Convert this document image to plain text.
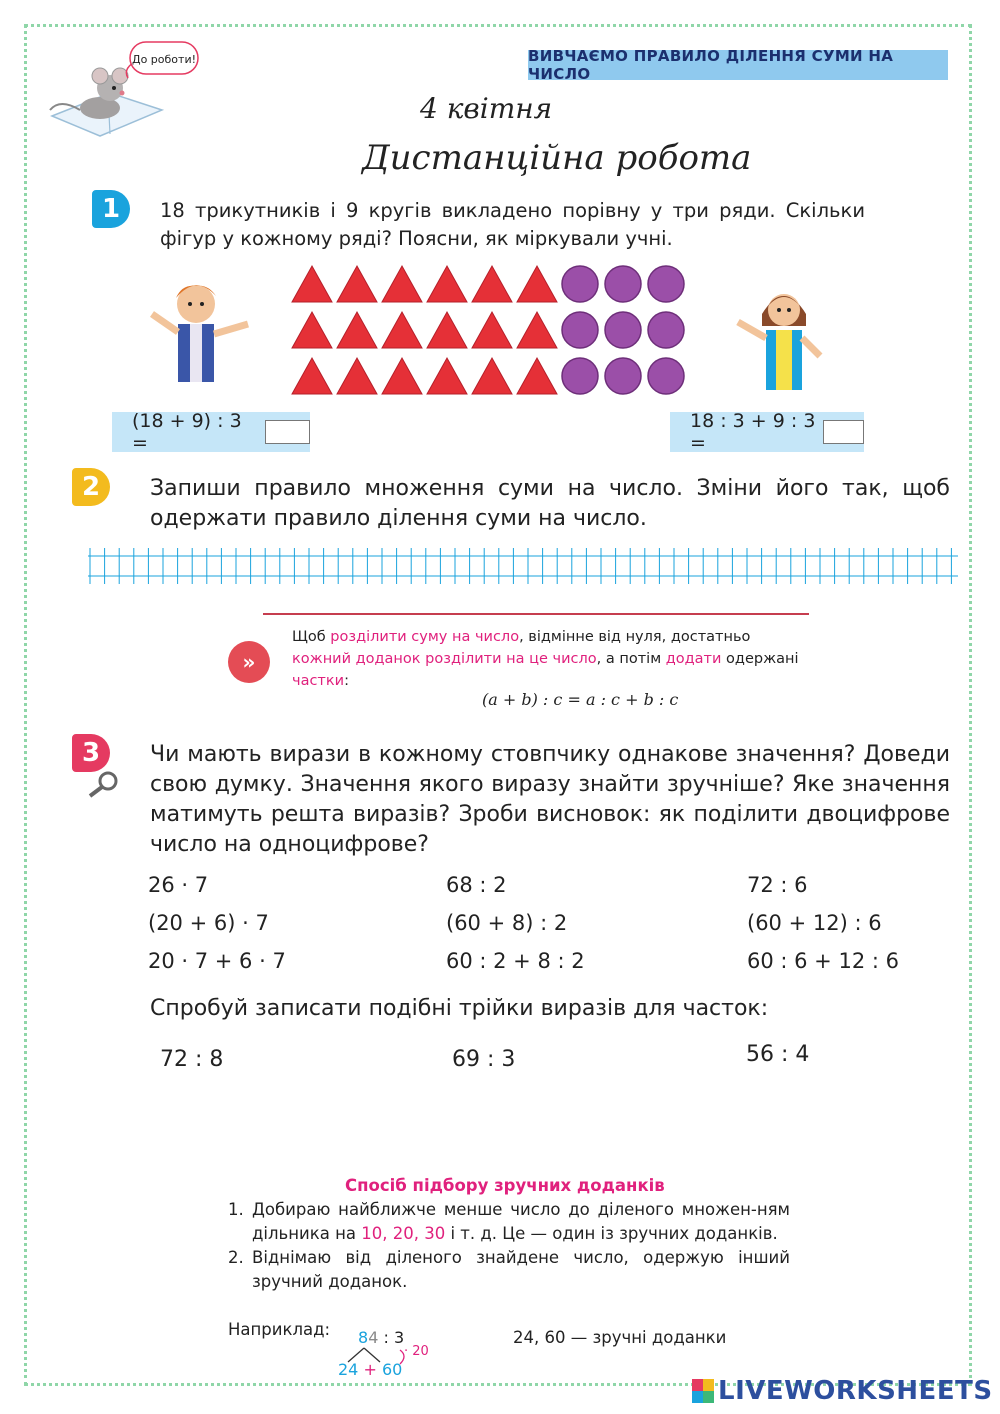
До роботи!	ВИВЧАЄМО ПРАВИЛО ДІЛЕННЯ СУМИ НА ЧИСЛО
4 квітня
Дистанційна робота
1	18 трикутників і 9 кругів викладено порівну у три ряди. Скільки фігур у кожному ряді? Поясни, як міркували учні.
(18 + 9) : 3 =
18 : 3 + 9 : 3 =
2	Запиши правило множення суми на число. Зміни його так, щоб одержати правило ділення суми на число.
»
Щоб розділити суму на число, відмінне від нуля, достатньо кожний доданок розділити на це число, а потім додати одержані частки:
(a + b) : c = a : c + b : c
3	Чи мають вирази в кожному стовпчику однакове значення? Доведи свою думку. Значення якого виразу знайти зручніше? Яке значення матимуть решта виразів? Зроби висновок: як поділити двоцифрове число на одноцифрове?
26 · 7
(20 + 6) · 7
20 · 7 + 6 · 7
68 : 2
(60 + 8) : 2
60 : 2 + 8 : 2
72 : 6
(60 + 12) : 6
60 : 6 + 12 : 6
Спробуй записати подібні трійки виразів для часток:
72 : 8	69 : 3	56 : 4
Спосіб підбору зручних доданків
1. Добираю найближче менше число до діленого множен-ням дільника на 10, 20, 30 і т. д. Це — один із зручних доданків.
2. Віднімаю від діленого знайдене число, одержую інший зручний доданок.
Наприклад: 84 : 3
· 20
24 + 60
24, 60 — зручні доданки
LIVEWORKSHEETS
